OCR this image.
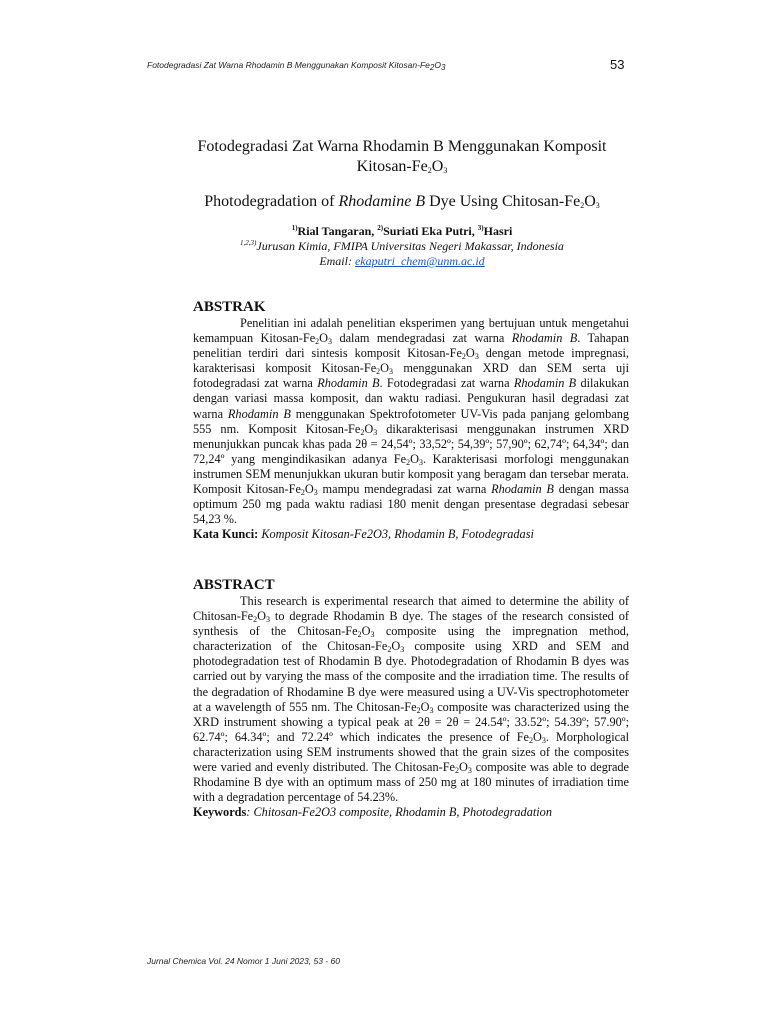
Fotodegradasi Zat Warna Rhodamin B Menggunakan Komposit Kitosan-$Fe_2O_3$	53
Fotodegradasi Zat Warna Rhodamin B Menggunakan Komposit
Kitosan-$Fe_2O_3$
Photodegradation of Rhodamine B Dye Using Chitosan-$Fe_2O_3$
$^{1)}$Rial Tangaran, $^{2)}$Suriati Eka Putri, $^{3)}$Hasri
$^{1,2,3)}$Jurusan Kimia, FMIPA Universitas Negeri Makassar, Indonesia
Email: ekaputri_chem@unm.ac.id
ABSTRAK

Penelitian ini adalah penelitian eksperimen yang bertujuan untuk mengetahui kemampuan Kitosan-$Fe_2O_3$ dalam mendegradasi zat warna Rhodamin B. Tahapan penelitian terdiri dari sintesis komposit Kitosan-$Fe_2O_3$ dengan metode impregnasi, karakterisasi komposit Kitosan-$Fe_2O_3$ menggunakan XRD dan SEM serta uji fotodegradasi zat warna Rhodamin B. Fotodegradasi zat warna Rhodamin B dilakukan dengan variasi massa komposit, dan waktu radiasi. Pengukuran hasil degradasi zat warna Rhodamin B menggunakan Spektrofotometer UV-Vis pada panjang gelombang 555 nm. Komposit Kitosan-$Fe_2O_3$ dikarakterisasi menggunakan instrumen XRD menunjukkan puncak khas pada 2θ = 24,54º; 33,52º; 54,39º; 57,90º; 62,74º; 64,34º; dan 72,24º yang mengindikasikan adanya $Fe_2O_3$. Karakterisasi morfologi menggunakan instrumen SEM menunjukkan ukuran butir komposit yang beragam dan tersebar merata. Komposit Kitosan-$Fe_2O_3$ mampu mendegradasi zat warna Rhodamin B dengan massa optimum 250 mg pada waktu radiasi 180 menit dengan presentase degradasi sebesar 54,23 %.

Kata Kunci: Komposit Kitosan-Fe2O3, Rhodamin B, Fotodegradasi

ABSTRACT

This research is experimental research that aimed to determine the ability of Chitosan-$Fe_2O_3$ to degrade Rhodamin B dye. The stages of the research consisted of synthesis of the Chitosan-$Fe_2O_3$ composite using the impregnation method, characterization of the Chitosan-$Fe_2O_3$ composite using XRD and SEM and photodegradation test of Rhodamin B dye. Photodegradation of Rhodamin B dyes was carried out by varying the mass of the composite and the irradiation time. The results of the degradation of Rhodamine B dye were measured using a UV-Vis spectrophotometer at a wavelength of 555 nm. The Chitosan-$Fe_2O_3$ composite was characterized using the XRD instrument showing a typical peak at 2θ = 2θ = 24.54º; 33.52º; 54.39º; 57.90º; 62.74º; 64.34º; and 72.24º which indicates the presence of $Fe_2O_3$. Morphological characterization using SEM instruments showed that the grain sizes of the composites were varied and evenly distributed. The Chitosan-$Fe_2O_3$ composite was able to degrade Rhodamine B dye with an optimum mass of 250 mg at 180 minutes of irradiation time with a degradation percentage of 54.23%.

Keywords: Chitosan-Fe2O3 composite, Rhodamin B, Photodegradation

Jurnal Chemica Vol. 24 Nomor 1 Juni 2023, 53 - 60
